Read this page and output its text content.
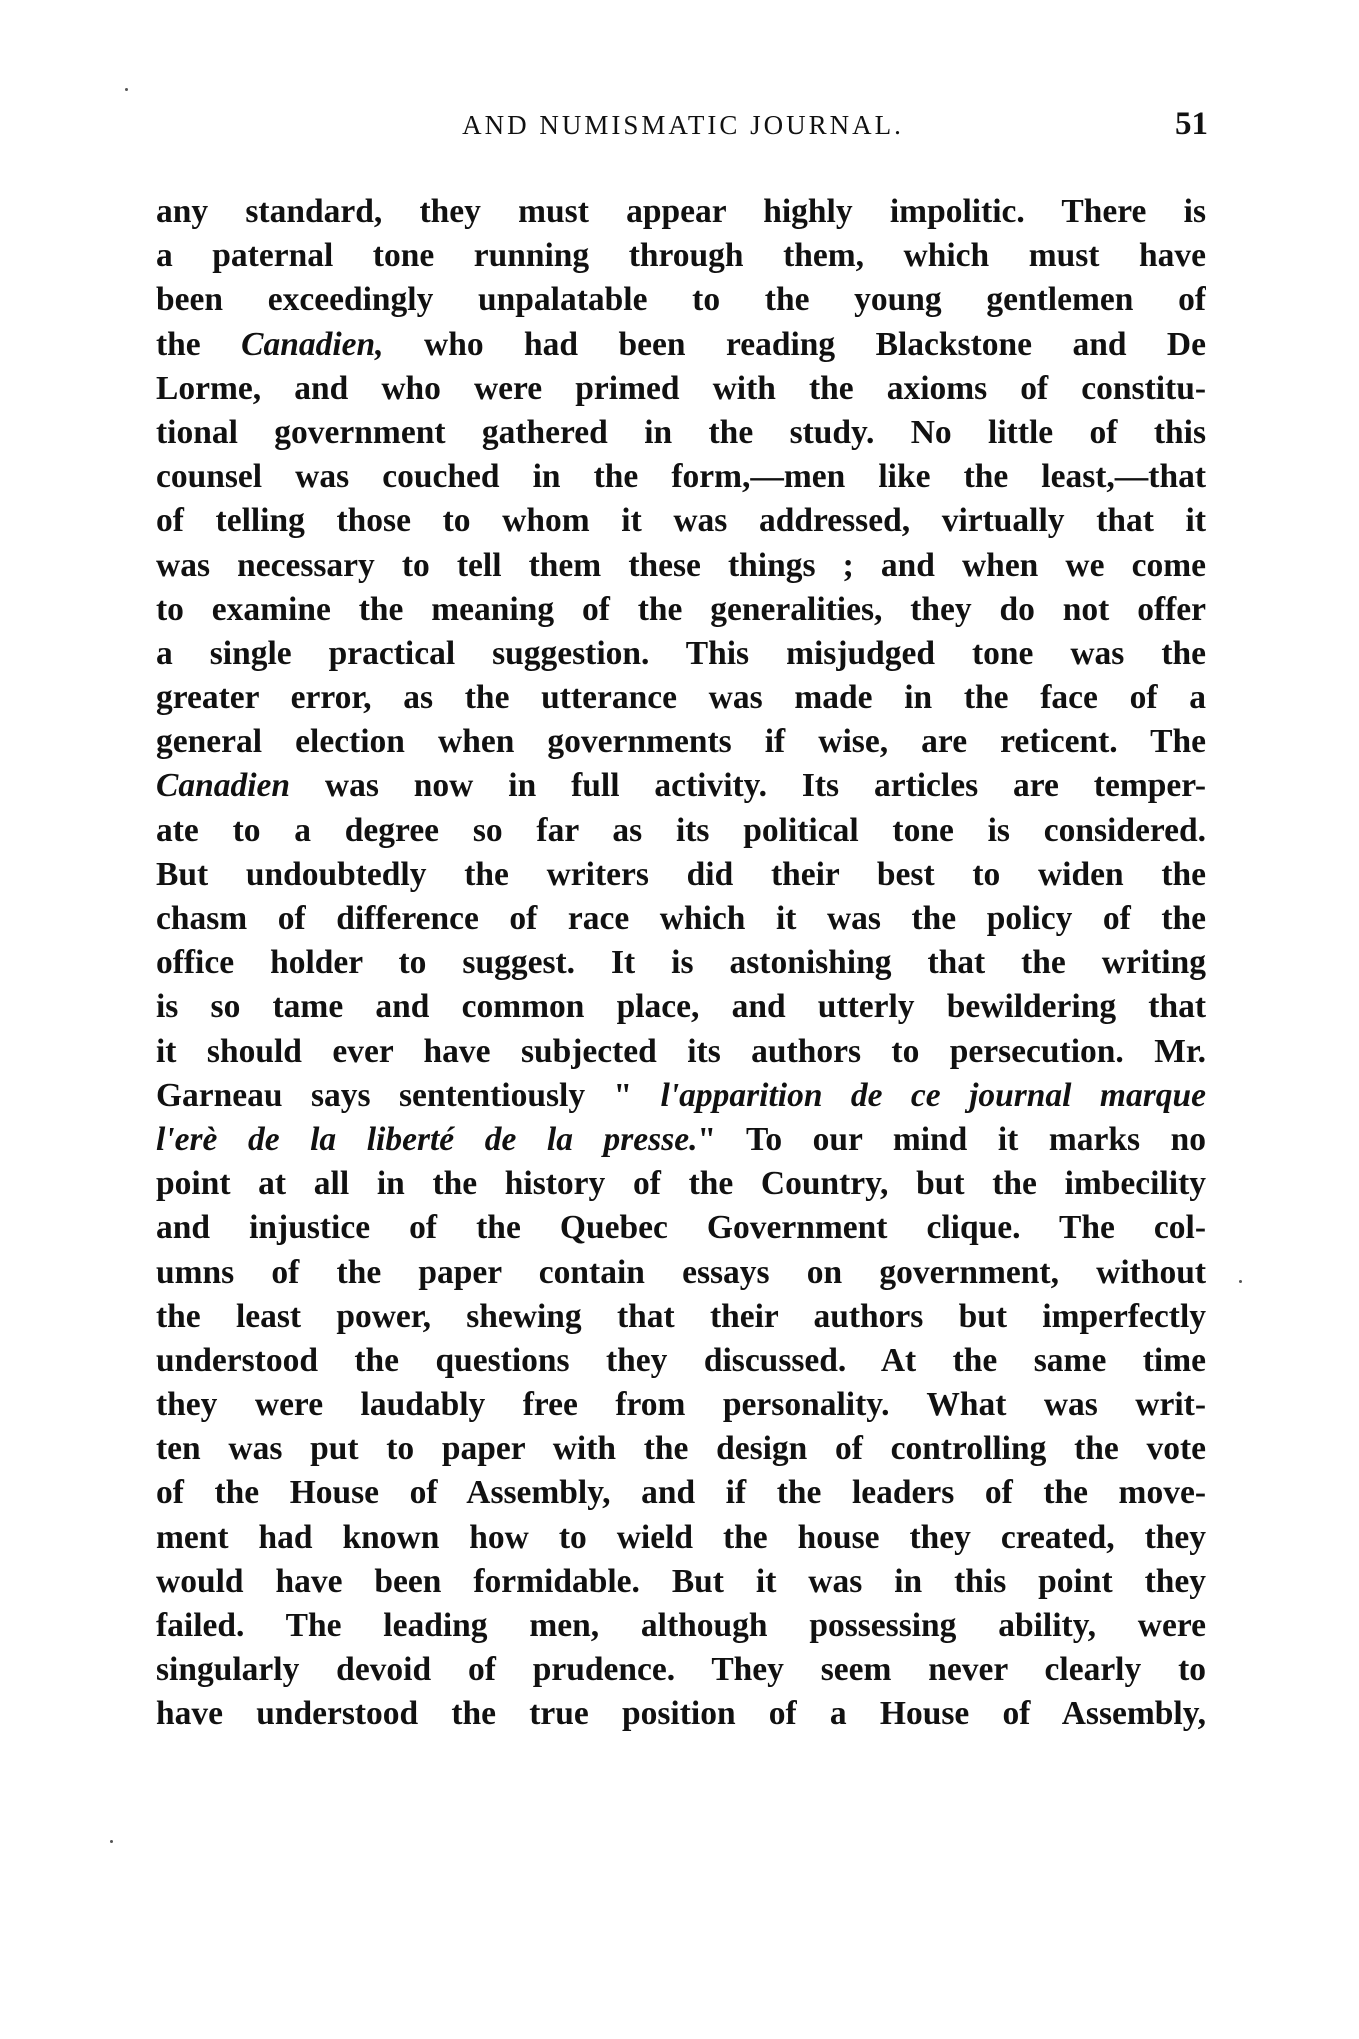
AND NUMISMATIC JOURNAL.	51
any standard, they must appear highly impolitic. There is
a paternal tone running through them, which must have
been exceedingly unpalatable to the young gentlemen of
the Canadien, who had been reading Blackstone and De
Lorme, and who were primed with the axioms of constitu-
tional government gathered in the study. No little of this
counsel was couched in the form,—men like the least,—that
of telling those to whom it was addressed, virtually that it
was necessary to tell them these things ; and when we come
to examine the meaning of the generalities, they do not offer
a single practical suggestion. This misjudged tone was the
greater error, as the utterance was made in the face of a
general election when governments if wise, are reticent. The
Canadien was now in full activity. Its articles are temper-
ate to a degree so far as its political tone is considered.
But undoubtedly the writers did their best to widen the
chasm of difference of race which it was the policy of the
office holder to suggest. It is astonishing that the writing
is so tame and common place, and utterly bewildering that
it should ever have subjected its authors to persecution. Mr.
Garneau says sententiously " l'apparition de ce journal marque
l'erè de la liberté de la presse." To our mind it marks no
point at all in the history of the Country, but the imbecility
and injustice of the Quebec Government clique. The col-
umns of the paper contain essays on government, without
the least power, shewing that their authors but imperfectly
understood the questions they discussed. At the same time
they were laudably free from personality. What was writ-
ten was put to paper with the design of controlling the vote
of the House of Assembly, and if the leaders of the move-
ment had known how to wield the house they created, they
would have been formidable. But it was in this point they
failed. The leading men, although possessing ability, were
singularly devoid of prudence. They seem never clearly to
have understood the true position of a House of Assembly,
